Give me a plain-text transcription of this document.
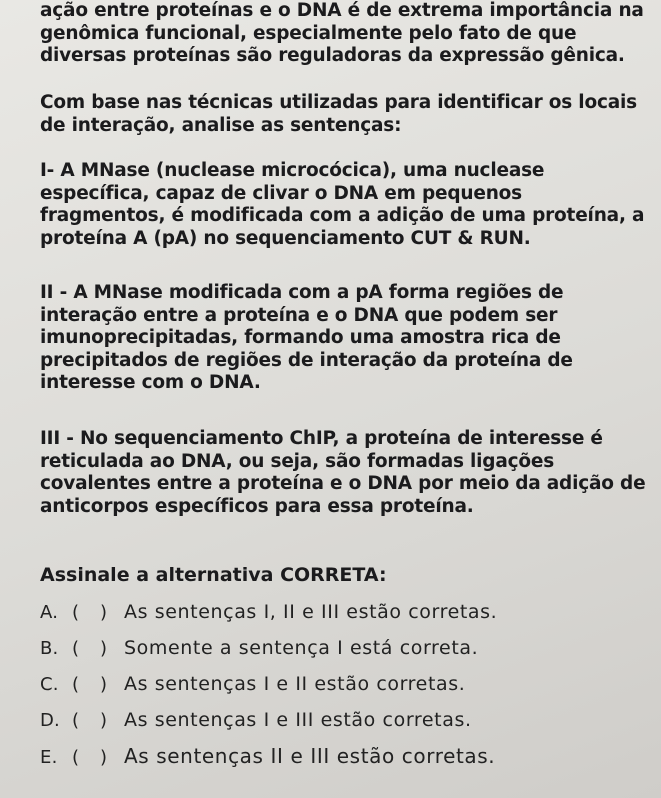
ação entre proteínas e o DNA é de extrema importância na genômica funcional, especialmente pelo fato de que diversas proteínas são reguladoras da expressão gênica.

Com base nas técnicas utilizadas para identificar os locais de interação, analise as sentenças:

I- A MNase (nuclease microcócica), uma nuclease específica, capaz de clivar o DNA em pequenos fragmentos, é modificada com a adição de uma proteína, a proteína A (pA) no sequenciamento CUT & RUN.

II - A MNase modificada com a pA forma regiões de interação entre a proteína e o DNA que podem ser imunoprecipitadas, formando uma amostra rica de precipitados de regiões de interação da proteína de interesse com o DNA.

III - No sequenciamento ChIP, a proteína de interesse é reticulada ao DNA, ou seja, são formadas ligações covalentes entre a proteína e o DNA por meio da adição de anticorpos específicos para essa proteína.

Assinale a alternativa CORRETA:

A. (	) As sentenças I, II e III estão corretas.
B. (	) Somente a sentença I está correta.
C. (	) As sentenças I e II estão corretas.
D. (	) As sentenças I e III estão corretas.
E. (	) As sentenças II e III estão corretas.
